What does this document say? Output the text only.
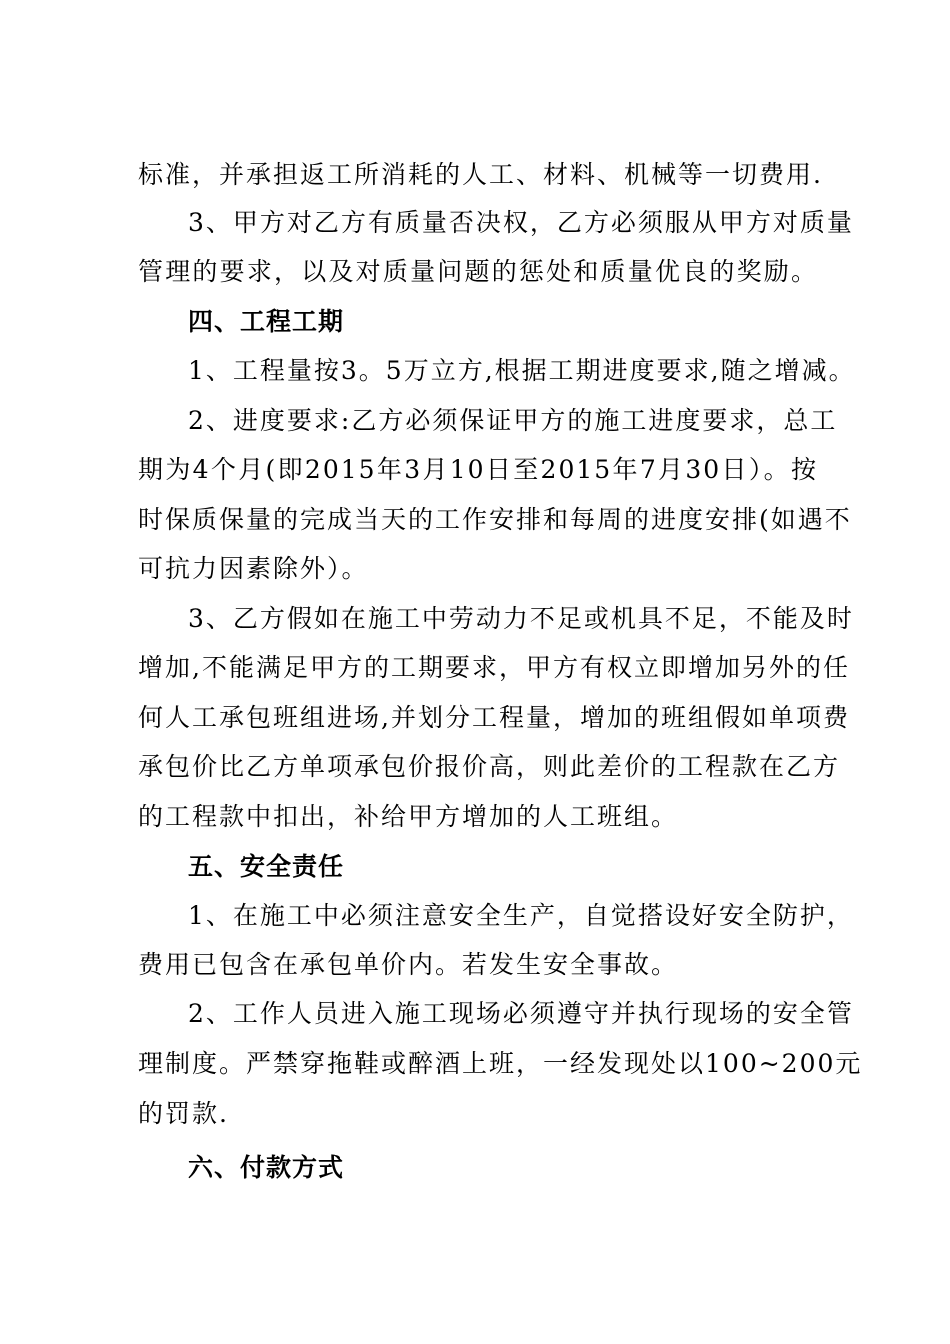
标准，并承担返工所消耗的人工、材料、机械等一切费用.
3、甲方对乙方有质量否决权，乙方必须服从甲方对质量
管理的要求，以及对质量问题的惩处和质量优良的奖励。
四、工程工期
1、工程量按3。5万立方,根据工期进度要求,随之增减。
2、进度要求:乙方必须保证甲方的施工进度要求，总工
期为4个月(即2015年3月10日至2015年7月30日）。按
时保质保量的完成当天的工作安排和每周的进度安排(如遇不
可抗力因素除外）。
3、乙方假如在施工中劳动力不足或机具不足，不能及时
增加,不能满足甲方的工期要求，甲方有权立即增加另外的任
何人工承包班组进场,并划分工程量，增加的班组假如单项费
承包价比乙方单项承包价报价高，则此差价的工程款在乙方
的工程款中扣出，补给甲方增加的人工班组。
五、安全责任
1、在施工中必须注意安全生产，自觉搭设好安全防护，
费用已包含在承包单价内。若发生安全事故。
2、工作人员进入施工现场必须遵守并执行现场的安全管
理制度。严禁穿拖鞋或醉酒上班，一经发现处以100~200元
的罚款.
六、付款方式
